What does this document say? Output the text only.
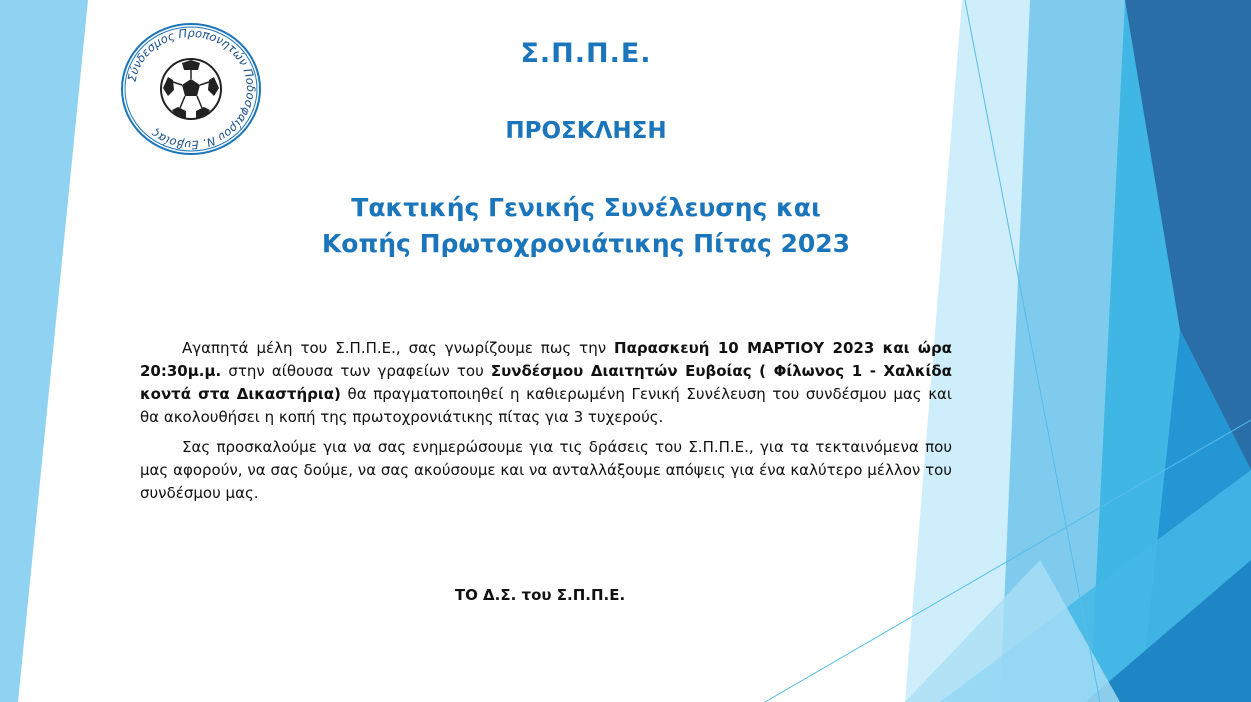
Σύνδεσμος Προπονητών Ποδοσφαίρου Ν. Ευβοίας
Σ.Π.Π.Ε.
ΠΡΟΣΚΛΗΣΗ
Τακτικής Γενικής Συνέλευσης και
Κοπής Πρωτοχρονιάτικης Πίτας 2023

Αγαπητά μέλη του Σ.Π.Π.Ε., σας γνωρίζουμε πως την Παρασκευή 10 ΜΑΡΤΙΟΥ 2023 και ώρα 20:30μ.μ. στην αίθουσα των γραφείων του Συνδέσμου Διαιτητών Ευβοίας ( Φίλωνος 1 - Χαλκίδα κοντά στα Δικαστήρια) θα πραγματοποιηθεί η καθιερωμένη Γενική Συνέλευση του συνδέσμου μας και θα ακολουθήσει η κοπή της πρωτοχρονιάτικης πίτας για 3 τυχερούς.

Σας προσκαλούμε για να σας ενημερώσουμε για τις δράσεις του Σ.Π.Π.Ε., για τα τεκταινόμενα που μας αφορούν, να σας δούμε, να σας ακούσουμε και να ανταλλάξουμε απόψεις για ένα καλύτερο μέλλον του συνδέσμου μας.

ΤΟ Δ.Σ. του Σ.Π.Π.Ε.
